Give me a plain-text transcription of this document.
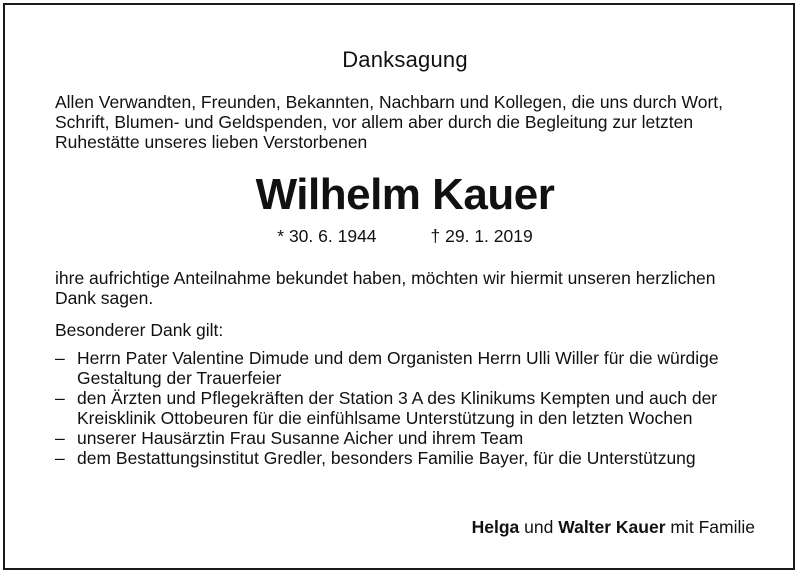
Danksagung
Allen Verwandten, Freunden, Bekannten, Nachbarn und Kollegen, die uns durch Wort, Schrift, Blumen- und Geldspenden, vor allem aber durch die Begleitung zur letzten Ruhestätte unseres lieben Verstorbenen
Wilhelm Kauer
* 30. 6. 1944	† 29. 1. 2019
ihre aufrichtige Anteilnahme bekundet haben, möchten wir hiermit unseren herzlichen Dank sagen.
Besonderer Dank gilt:
– Herrn Pater Valentine Dimude und dem Organisten Herrn Ulli Willer für die würdige Gestaltung der Trauerfeier
– den Ärzten und Pflegekräften der Station 3 A des Klinikums Kempten und auch der Kreisklinik Ottobeuren für die einfühlsame Unterstützung in den letzten Wochen
– unserer Hausärztin Frau Susanne Aicher und ihrem Team
– dem Bestattungsinstitut Gredler, besonders Familie Bayer, für die Unterstützung
Helga und Walter Kauer mit Familie
